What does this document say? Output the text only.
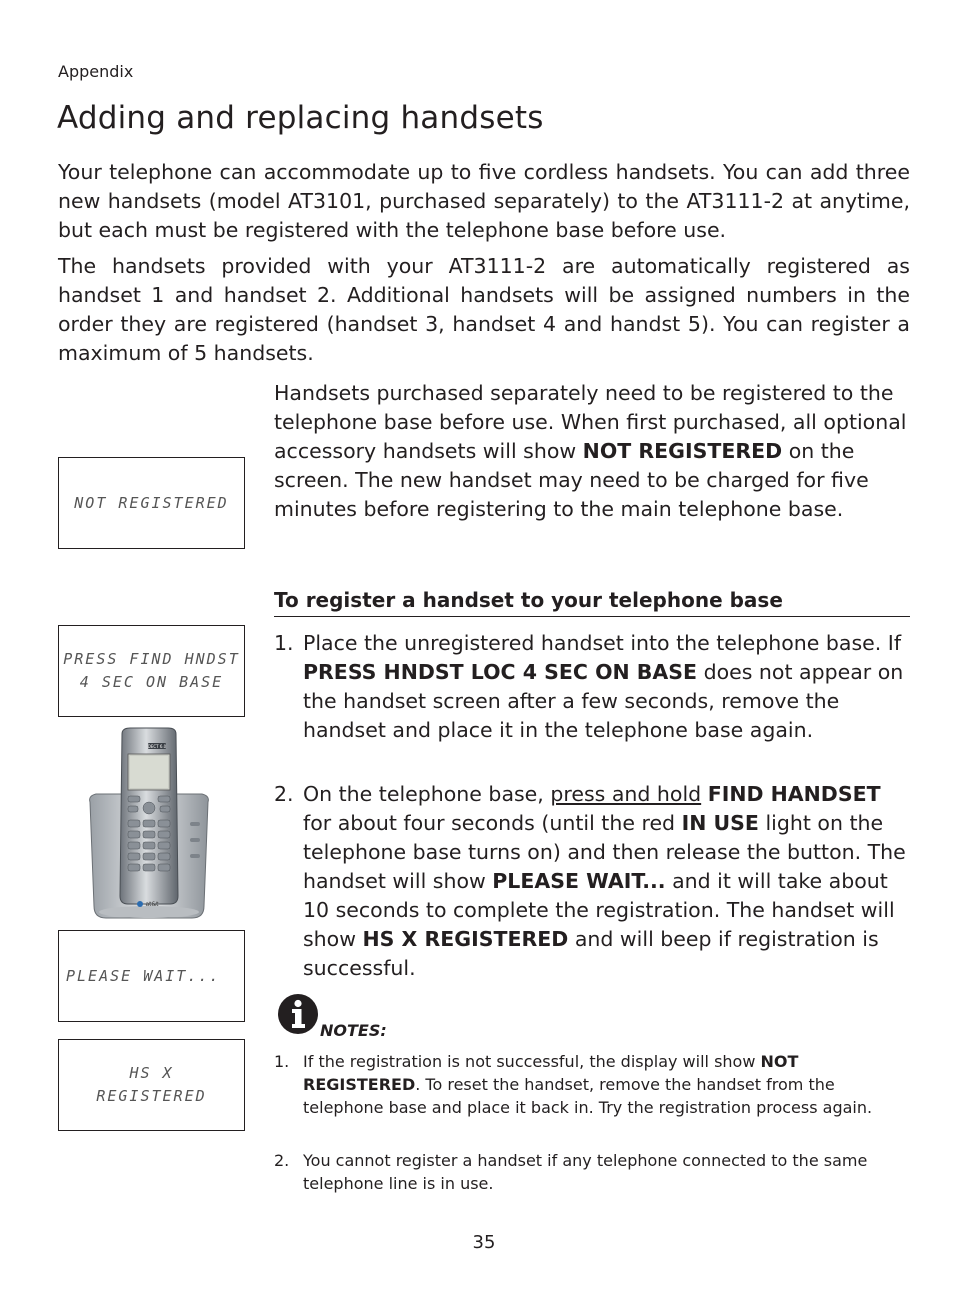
Appendix
Adding and replacing handsets

Your telephone can accommodate up to five cordless handsets. You can add three new handsets (model AT3101, purchased separately) to the AT3111-2 at anytime, but each must be registered with the telephone base before use.

The handsets provided with your AT3111-2 are automatically registered as handset 1 and handset 2. Additional handsets will be assigned numbers in the order they are registered (handset 3, handset 4 and handst 5). You can register a maximum of 5 handsets.

Handsets purchased separately need to be registered to the telephone base before use. When first purchased, all optional accessory handsets will show NOT REGISTERED on the screen. The new handset may need to be charged for five minutes before registering to the main telephone base.

NOT REGISTERED
PRESS FIND HNDST
4 SEC ON BASE
DECT 6.0
at&t
PLEASE WAIT...
HS X
REGISTERED
To register a handset to your telephone base
1. Place the unregistered handset into the telephone base. If PRESS HNDST LOC 4 SEC ON BASE does not appear on the handset screen after a few seconds, remove the handset and place it in the telephone base again.
2. On the telephone base, press and hold FIND HANDSET for about four seconds (until the red IN USE light on the telephone base turns on) and then release the button. The handset will show PLEASE WAIT... and it will take about 10 seconds to complete the registration. The handset will show HS X REGISTERED and will beep if registration is successful.
NOTES:
1. If the registration is not successful, the display will show NOT REGISTERED. To reset the handset, remove the handset from the telephone base and place it back in. Try the registration process again.
2. You cannot register a handset if any telephone connected to the same telephone line is in use.
35
